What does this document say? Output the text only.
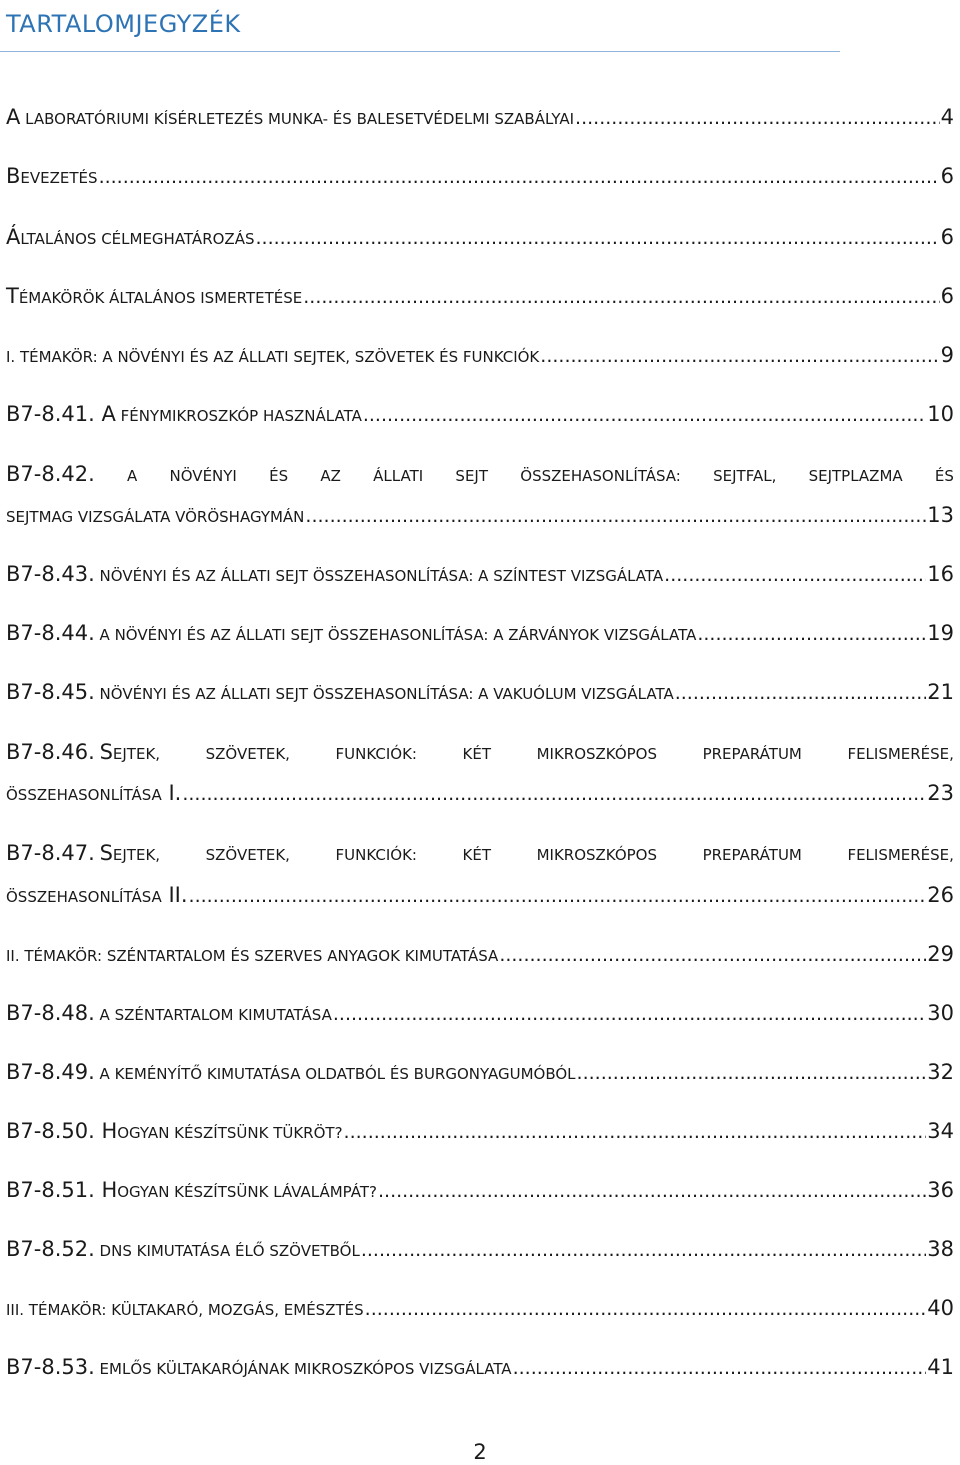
TARTALOMJEGYZÉK
A LABORATÓRIUMI KÍSÉRLETEZÉS MUNKA- ÉS BALESETVÉDELMI SZABÁLYAI .....	4
BEVEZETÉS .....	6
ÁLTALÁNOS CÉLMEGHATÁROZÁS .....	6
TÉMAKÖRÖK ÁLTALÁNOS ISMERTETÉSE .....	6
I. TÉMAKÖR: A NÖVÉNYI ÉS AZ ÁLLATI SEJTEK, SZÖVETEK ÉS FUNKCIÓK .....	9
B7-8.41. A FÉNYMIKROSZKÓP HASZNÁLATA .....	10
B7-8.42. A NÖVÉNYI ÉS AZ ÁLLATI SEJT ÖSSZEHASONLÍTÁSA: SEJTFAL, SEJTPLAZMA ÉS
SEJTMAG VIZSGÁLATA VÖRÖSHAGYMÁN .....	13
B7-8.43. NÖVÉNYI ÉS AZ ÁLLATI SEJT ÖSSZEHASONLÍTÁSA: A SZÍNTEST VIZSGÁLATA .....	16
B7-8.44. A NÖVÉNYI ÉS AZ ÁLLATI SEJT ÖSSZEHASONLÍTÁSA: A ZÁRVÁNYOK VIZSGÁLATA .....	19
B7-8.45. NÖVÉNYI ÉS AZ ÁLLATI SEJT ÖSSZEHASONLÍTÁSA: A VAKUÓLUM VIZSGÁLATA .....	21
B7-8.46. SEJTEK,	SZÖVETEK,	FUNKCIÓK:	KÉT	MIKROSZKÓPOS	PREPARÁTUM	FELISMERÉSE,
ÖSSZEHASONLÍTÁSA I. .....	23
B7-8.47. SEJTEK,	SZÖVETEK,	FUNKCIÓK:	KÉT	MIKROSZKÓPOS	PREPARÁTUM	FELISMERÉSE,
ÖSSZEHASONLÍTÁSA II. .....	26
II. TÉMAKÖR: SZÉNTARTALOM ÉS SZERVES ANYAGOK KIMUTATÁSA .....	29
B7-8.48. A SZÉNTARTALOM KIMUTATÁSA .....	30
B7-8.49. A KEMÉNYÍTŐ KIMUTATÁSA OLDATBÓL ÉS BURGONYAGUMÓBÓL .....	32
B7-8.50. HOGYAN KÉSZÍTSÜNK TÜKRÖT? .....	34
B7-8.51. HOGYAN KÉSZÍTSÜNK LÁVALÁMPÁT? .....	36
B7-8.52. DNS KIMUTATÁSA ÉLŐ SZÖVETBŐL .....	38
III. TÉMAKÖR: KÜLTAKARÓ, MOZGÁS, EMÉSZTÉS .....	40
B7-8.53. EMLŐS KÜLTAKARÓJÁNAK MIKROSZKÓPOS VIZSGÁLATA .....	41
2
